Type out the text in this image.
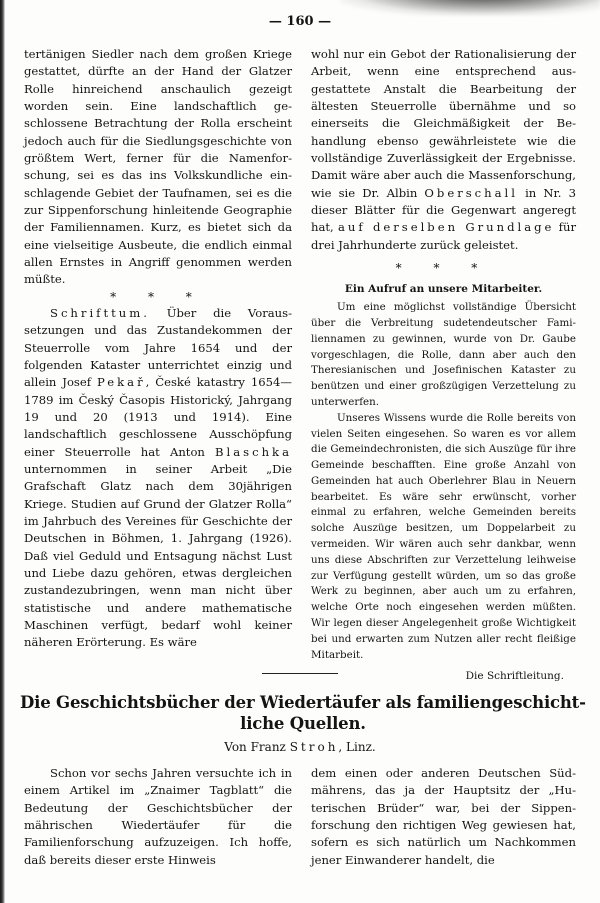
— 160 —

tertänigen Siedler nach dem großen Kriege gestattet, dürfte an der Hand der Glatzer Rolle hinreichend anschaulich gezeigt worden sein. Eine landschaftlich geschlossene Betrachtung der Rolla erscheint jedoch auch für die Siedlungsgeschichte von größtem Wert, ferner für die Namenforschung, sei es das ins Volkskundliche einschlagende Gebiet der Taufnamen, sei es die zur Sippenforschung hinleitende Geographie der Familiennamen. Kurz, es bietet sich da eine vielseitige Ausbeute, die endlich einmal allen Ernstes in Angriff genommen werden müßte.

* * *

Schrifttum. Über die Voraussetzungen und das Zustandekommen der Steuerrolle vom Jahre 1654 und der folgenden Kataster unterrichtet einzig und allein Josef Pekař, České katastry 1654—1789 im Český Časopis Historický, Jahrgang 19 und 20 (1913 und 1914). Eine landschaftlich geschlossene Ausschöpfung einer Steuerrolle hat Anton Blaschka unternommen in seiner Arbeit „Die Grafschaft Glatz nach dem 30jährigen Kriege. Studien auf Grund der Glatzer Rolla“ im Jahrbuch des Vereines für Geschichte der Deutschen in Böhmen, 1. Jahrgang (1926). Daß viel Geduld und Entsagung nächst Lust und Liebe dazu gehören, etwas dergleichen zustandezubringen, wenn man nicht über statistische und andere mathematische Maschinen verfügt, bedarf wohl keiner näheren Erörterung. Es wäre

wohl nur ein Gebot der Rationalisierung der Arbeit, wenn eine entsprechend ausgestattete Anstalt die Bearbeitung der ältesten Steuerrolle übernähme und so einerseits die Gleichmäßigkeit der Behandlung ebenso gewährleistete wie die vollständige Zuverlässigkeit der Ergebnisse. Damit wäre aber auch die Massenforschung, wie sie Dr. Albin Oberschall in Nr. 3 dieser Blätter für die Gegenwart angeregt hat, auf derselben Grundlage für drei Jahrhunderte zurück geleistet.

* * *

Ein Aufruf an unsere Mitarbeiter.

Um eine möglichst vollständige Übersicht über die Verbreitung sudetendeutscher Familiennamen zu gewinnen, wurde von Dr. Gaube vorgeschlagen, die Rolle, dann aber auch den Theresianischen und Josefinischen Kataster zu benützen und einer großzügigen Verzettelung zu unterwerfen.

Unseres Wissens wurde die Rolle bereits von vielen Seiten eingesehen. So waren es vor allem die Gemeindechronisten, die sich Auszüge für ihre Gemeinde beschafften. Eine große Anzahl von Gemeinden hat auch Oberlehrer Blau in Neuern bearbeitet. Es wäre sehr erwünscht, vorher einmal zu erfahren, welche Gemeinden bereits solche Auszüge besitzen, um Doppelarbeit zu vermeiden. Wir wären auch sehr dankbar, wenn uns diese Abschriften zur Verzettelung leihweise zur Verfügung gestellt würden, um so das große Werk zu beginnen, aber auch um zu erfahren, welche Orte noch eingesehen werden müßten. Wir legen dieser Angelegenheit große Wichtigkeit bei und erwarten zum Nutzen aller recht fleißige Mitarbeit.

Die Schriftleitung.

Die Geschichtsbücher der Wiedertäufer als familiengeschichtliche Quellen.
Von Franz Stroh, Linz.

Schon vor sechs Jahren versuchte ich in einem Artikel im „Znaimer Tagblatt“ die Bedeutung der Geschichtsbücher der mährischen Wiedertäufer für die Familienforschung aufzuzeigen. Ich hoffe, daß bereits dieser erste Hinweis

dem einen oder anderen Deutschen Südmährens, das ja der Hauptsitz der „Huterischen Brüder“ war, bei der Sippenforschung den richtigen Weg gewiesen hat, sofern es sich natürlich um Nachkommen jener Einwanderer handelt, die
